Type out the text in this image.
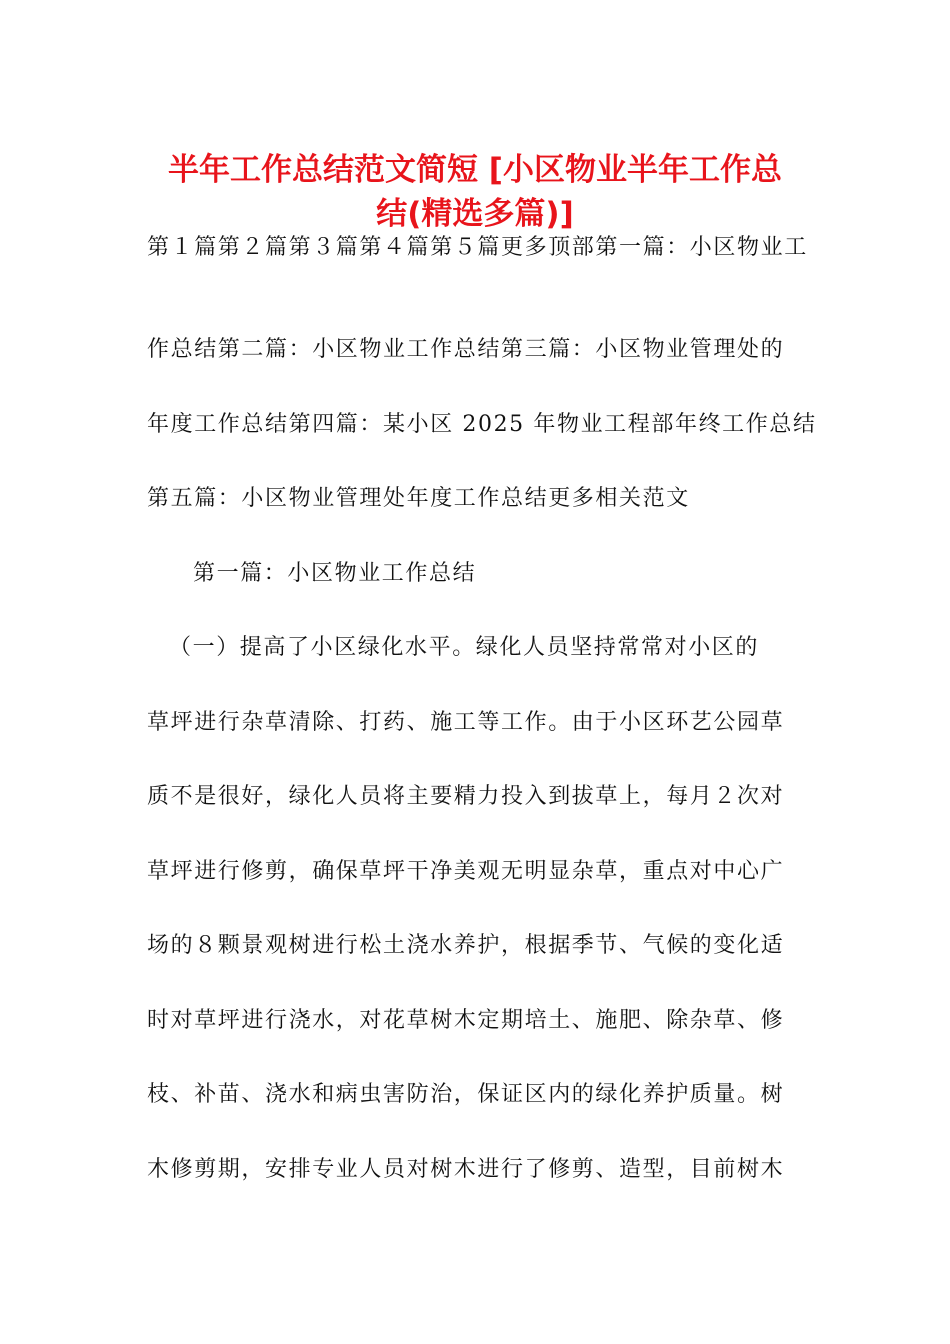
半年工作总结范文简短 [小区物业半年工作总
结(精选多篇)]

第１篇第２篇第３篇第４篇第５篇更多顶部第一篇：小区物业工

作总结第二篇：小区物业工作总结第三篇：小区物业管理处的

年度工作总结第四篇：某小区 2025 年物业工程部年终工作总结

第五篇：小区物业管理处年度工作总结更多相关范文

第一篇：小区物业工作总结

（一）提高了小区绿化水平。绿化人员坚持常常对小区的

草坪进行杂草清除、打药、施工等工作。由于小区环艺公园草

质不是很好，绿化人员将主要精力投入到拔草上，每月２次对

草坪进行修剪，确保草坪干净美观无明显杂草，重点对中心广

场的８颗景观树进行松土浇水养护，根据季节、气候的变化适

时对草坪进行浇水，对花草树木定期培土、施肥、除杂草、修

枝、补苗、浇水和病虫害防治，保证区内的绿化养护质量。树

木修剪期，安排专业人员对树木进行了修剪、造型，目前树木
